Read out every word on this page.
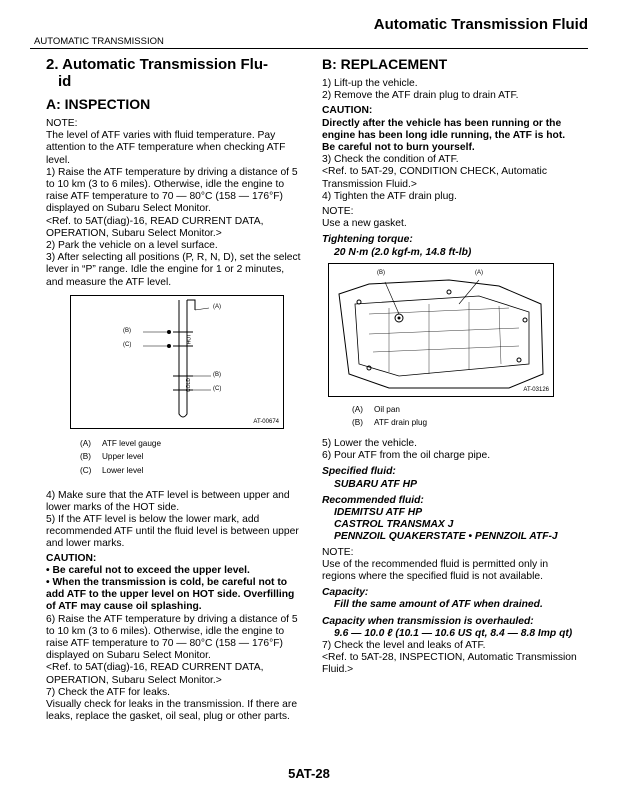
Automatic Transmission Fluid
AUTOMATIC TRANSMISSION
2. Automatic Transmission Flu-
id
A: INSPECTION
NOTE:
The level of ATF varies with fluid temperature. Pay attention to the ATF temperature when checking ATF level.
1) Raise the ATF temperature by driving a distance of 5 to 10 km (3 to 6 miles). Otherwise, idle the engine to raise ATF temperature to 70 — 80°C (158 — 176°F) displayed on Subaru Select Monitor.
<Ref. to 5AT(diag)-16, READ CURRENT DATA, OPERATION, Subaru Select Monitor.>
2) Park the vehicle on a level surface.
3) After selecting all positions (P, R, N, D), set the select lever in “P” range. Idle the engine for 1 or 2 minutes, and measure the ATF level.
(A)
(B)
(C)
(B)
(C)
HOT
COLD
AT-00674
(A)	ATF level gauge
(B)	Upper level
(C)	Lower level
4) Make sure that the ATF level is between upper and lower marks of the HOT side.
5) If the ATF level is below the lower mark, add recommended ATF until the fluid level is between upper and lower marks.
CAUTION:
• Be careful not to exceed the upper level.
• When the transmission is cold, be careful not to add ATF to the upper level on HOT side. Overfilling of ATF may cause oil splashing.
6) Raise the ATF temperature by driving a distance of 5 to 10 km (3 to 6 miles). Otherwise, idle the engine to raise ATF temperature to 70 — 80°C (158 — 176°F) displayed on Subaru Select Monitor.
<Ref. to 5AT(diag)-16, READ CURRENT DATA, OPERATION, Subaru Select Monitor.>
7) Check the ATF for leaks.
Visually check for leaks in the transmission. If there are leaks, replace the gasket, oil seal, plug or other parts.
B: REPLACEMENT
1) Lift-up the vehicle.
2) Remove the ATF drain plug to drain ATF.
CAUTION:
Directly after the vehicle has been running or the engine has been long idle running, the ATF is hot. Be careful not to burn yourself.
3) Check the condition of ATF.
<Ref. to 5AT-29, CONDITION CHECK, Automatic Transmission Fluid.>
4) Tighten the ATF drain plug.
NOTE:
Use a new gasket.
Tightening torque:
20 N·m (2.0 kgf-m, 14.8 ft-lb)
(B)	(A)
AT-03126
(A)	Oil pan
(B)	ATF drain plug
5) Lower the vehicle.
6) Pour ATF from the oil charge pipe.
Specified fluid:
SUBARU ATF HP
Recommended fluid:
IDEMITSU ATF HP
CASTROL TRANSMAX J
PENNZOIL QUAKERSTATE • PENNZOIL ATF-J
NOTE:
Use of the recommended fluid is permitted only in regions where the specified fluid is not available.
Capacity:
Fill the same amount of ATF when drained.
Capacity when transmission is overhauled:
9.6 — 10.0 ℓ (10.1 — 10.6 US qt, 8.4 — 8.8 Imp qt)
7) Check the level and leaks of ATF.
<Ref. to 5AT-28, INSPECTION, Automatic Transmission Fluid.>
5AT-28
